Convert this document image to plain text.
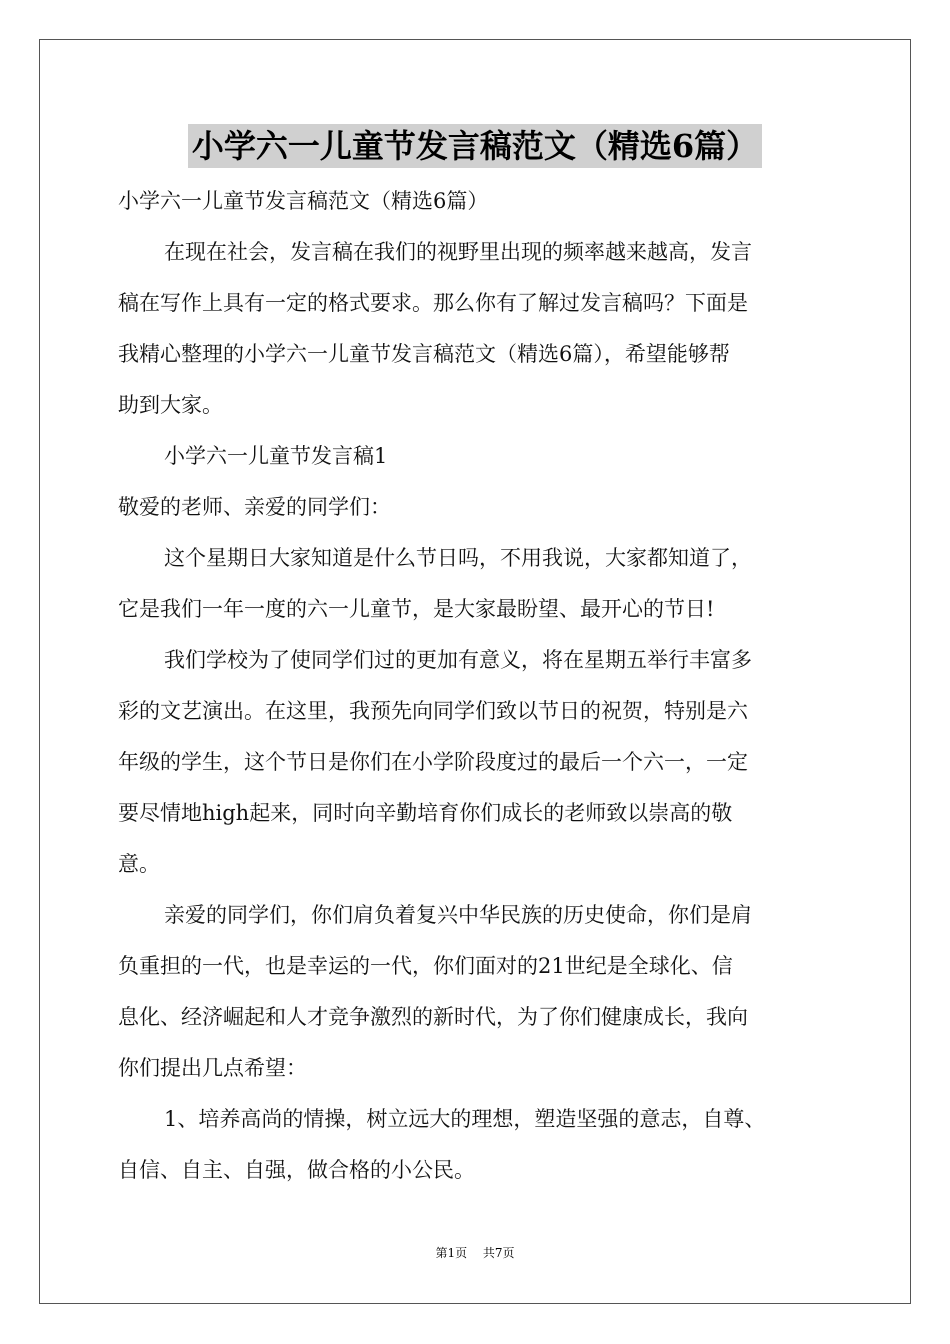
小学六一儿童节发言稿范文（精选6篇）
小学六一儿童节发言稿范文（精选6篇）
在现在社会，发言稿在我们的视野里出现的频率越来越高，发言
稿在写作上具有一定的格式要求。那么你有了解过发言稿吗？下面是
我精心整理的小学六一儿童节发言稿范文（精选6篇），希望能够帮
助到大家。
小学六一儿童节发言稿1
敬爱的老师、亲爱的同学们：
这个星期日大家知道是什么节日吗，不用我说，大家都知道了，
它是我们一年一度的六一儿童节，是大家最盼望、最开心的节日!
我们学校为了使同学们过的更加有意义，将在星期五举行丰富多
彩的文艺演出。在这里，我预先向同学们致以节日的祝贺，特别是六
年级的学生，这个节日是你们在小学阶段度过的最后一个六一，一定
要尽情地high起来，同时向辛勤培育你们成长的老师致以崇高的敬
意。
亲爱的同学们，你们肩负着复兴中华民族的历史使命，你们是肩
负重担的一代，也是幸运的一代，你们面对的21世纪是全球化、信
息化、经济崛起和人才竞争激烈的新时代，为了你们健康成长，我向
你们提出几点希望：
1、培养高尚的情操，树立远大的理想，塑造坚强的意志，自尊、
自信、自主、自强，做合格的小公民。
第1页 共7页
